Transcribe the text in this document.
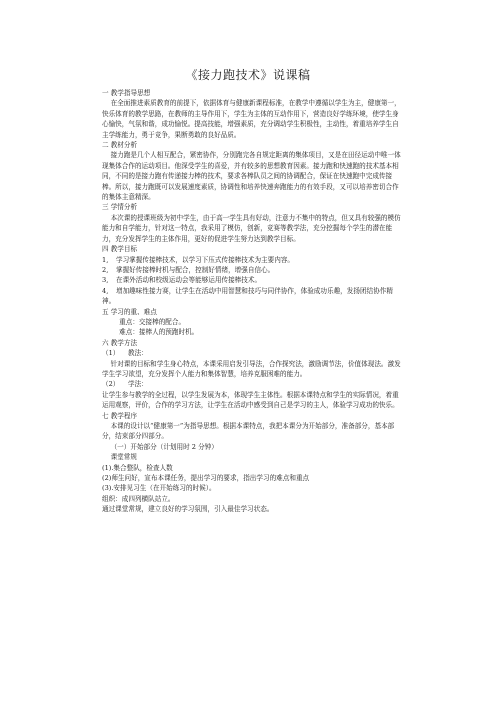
《接力跑技术》说课稿

一 教学指导思想

在全面推进素质教育的前提下，依据体育与健康新课程标准，在教学中遵循以学生为主，健康第一，快乐体育的教学思路，在教师的主导作用下，学生为主体的互动作用下，营造良好学练环境，使学生身心愉快，气氛和谐，成功愉悦。提高技能，增强素质，充分调动学生积极性，主动性，着重培养学生自主学练能力，勇于竞争，果断勇敢的良好品质。

二 教材分析

接力跑是几个人相互配合，紧密协作，分别跑完各自规定距离的集体项目，又是在田径运动中唯一体现集体合作的运动项目。他深受学生的喜爱，并有较多的思想教育因素。接力跑和快速跑的技术基本相同，不同的是接力跑有传递接力棒的技术，要求各棒队员之间的协调配合，保证在快速跑中完成传接棒。所以，接力跑既可以发展速度素质，协调性和培养快速奔跑能力的有效手段，又可以培养密切合作的集体主意精深。

三 学情分析

本次课的授课班级为初中学生，由于高一学生具有好动，注意力不集中的特点，但又具有较强的模仿能力和自学能力，针对这一特点，我采用了模仿，创新，竞赛等教学法，充分挖掘每个学生的潜在能力，充分发挥学生的主体作用，更好的促进学生努力达到教学目标。

四 教学目标

1, 学习掌握传接棒技术，以学习下压式传接棒技术为主要内容。

2, 掌握好传接棒时机与配合，控制好情绪，增强自信心。

3, 在课外活动和校级运动会等能够运用传接棒技术。

4, 增加趣味性接力赛，让学生在活动中用智慧和技巧与同伴协作，体验成功乐趣，发扬团结协作精神。

五 学习的重、难点

重点：交接棒的配合。

难点：接棒人的预跑时机。

六 教学方法

（1） 教法：

针对课的目标和学生身心特点，本课采用启发引导法，合作探究法，激励调节法，价值体现法。激发学生学习欲望，充分发挥个人能力和集体智慧，培养克服困难的能力。

（2） 学法：

让学生参与教学的全过程，以学生发展为本，体现学生主体性。根据本课特点和学生的实际情况，着重运用观察，评价，合作的学习方法，让学生在活动中感受到自己是学习的主人，体验学习成功的快乐。

七 教学程序

本课的设计以“健康第一”为指导思想。根据本课特点，我把本课分为开始部分，准备部分，基本部分，结束部分四部分。

（一）开始部分（计划用时 2 分钟）

课堂常规

(1).集合整队，检查人数

(2)师生问好，宣布本课任务，提出学习的要求，指出学习的难点和重点

(3).安排见习生（在开始练习的时候）。

组织：成四列横队站立。

通过课堂常规，建立良好的学习氛围，引入最佳学习状态。
